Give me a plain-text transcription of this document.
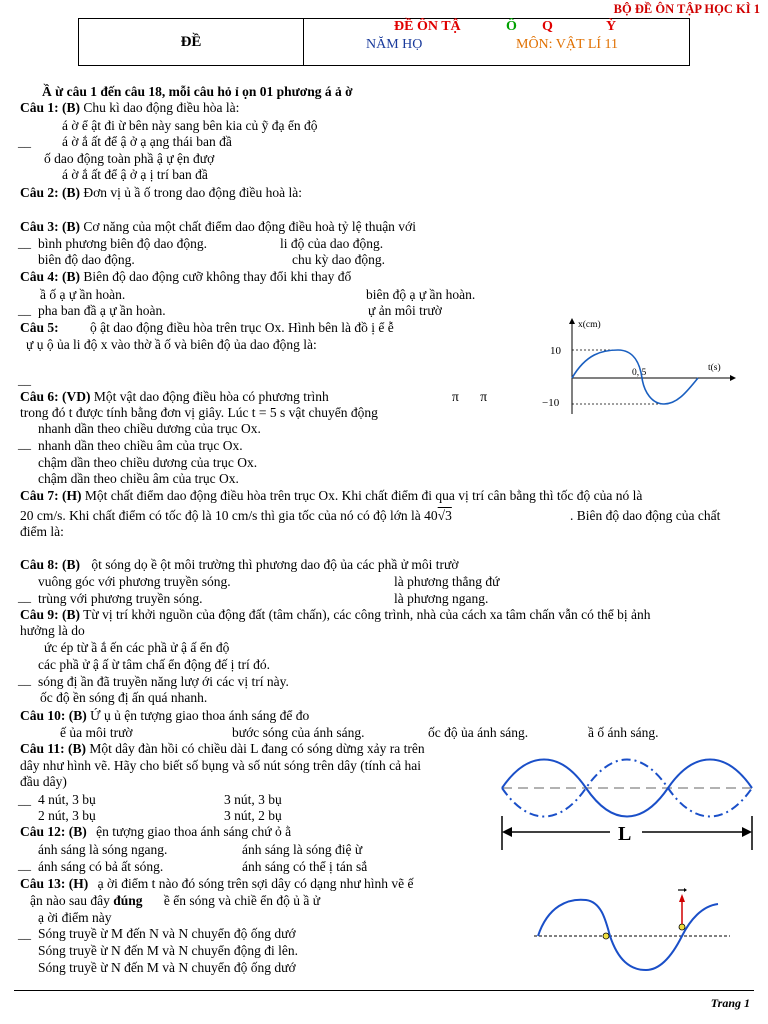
BỘ ĐỀ ÔN TẬP HỌC KÌ 1
ĐỀ
ĐỀ ÔN TẬ	Ô Q	Ỳ
NĂM HỌ	MÔN: VẬT LÍ 11
Ầ ừ câu 1 đến câu 18, mỗi câu hỏ ỉ ọn 01 phương á ả ờ
Câu 1: (B) Chu kì dao động điều hòa là:
á ờ ể ật đi ừ bên này sang bên kia củ ỹ đạ ển độ
__ á ờ ắ ất để ậ ở ạ ạng thái ban đầ
ố dao động toàn phầ ậ ự ện đượ
á ờ ắ ất để ậ ở ạ ị trí ban đầ
Câu 2: (B) Đơn vị ủ ầ ố trong dao động điều hoà là:
Câu 3: (B) Cơ năng của một chất điểm dao động điều hoà tỷ lệ thuận với
__ bình phương biên độ dao động.	li độ của dao động.
biên độ dao động.	chu kỳ dao động.
Câu 4: (B) Biên độ dao động cưỡ không thay đổi khi thay đổ
ầ ố ạ ự ần hoàn.	biên độ ạ ự ần hoàn.
__ pha ban đầ ạ ự ần hoàn.	ự ản môi trườ
Câu 5: ộ ật dao động điều hòa trên trục Ox. Hình bên là đồ ị ể ễ
ự ụ ộ ủa li độ x vào thờ ầ ố và biên độ ủa dao động là:
__
x(cm)
t(s)
10
−10
0, 5
Câu 6: (VD) Một vật dao động điều hòa có phương trình	π π
trong đó t được tính bằng đơn vị giây. Lúc t = 5 s vật chuyển động
nhanh dần theo chiều dương của trục Ox.
__ nhanh dần theo chiều âm của trục Ox.
chậm dần theo chiều dương của trục Ox.
chậm dần theo chiều âm của trục Ox.
Câu 7: (H) Một chất điểm dao động điều hòa trên trục Ox. Khi chất điểm đi qua vị trí cân bằng thì tốc độ của nó là
20 cm/s. Khi chất điểm có tốc độ là 10 cm/s thì gia tốc của nó có độ lớn là 40√3	. Biên độ dao động của chất
điểm là:
Câu 8: (B) ột sóng dọ ề ột môi trường thì phương dao độ ủa các phầ ử môi trườ
vuông góc với phương truyền sóng.	là phương thẳng đứ
__ trùng với phương truyền sóng.	là phương ngang.
Câu 9: (B) Từ vị trí khởi nguồn của động đất (tâm chấn), các công trình, nhà của cách xa tâm chấn vẫn có thể bị ảnh
hưởng là do
ức ép từ ầ ắ ến các phầ ử ậ ấ ển độ
các phầ ử ậ ấ ừ tâm chấ ển động đế ị trí đó.
__ sóng đị ần đã truyền năng lượ ới các vị trí này.
ốc độ ền sóng đị ấn quá nhanh.
Câu 10: (B) Ứ ụ ủ ện tượng giao thoa ánh sáng để đo
ế ủa môi trườ	bước sóng của ánh sáng.	ốc độ ủa ánh sáng.	ầ ố ánh sáng.
Câu 11: (B) Một dây đàn hồi có chiều dài L đang có sóng dừng xảy ra trên
dây như hình vẽ. Hãy cho biết số bụng và số nút sóng trên dây (tính cả hai
đầu dây)
__ 4 nút, 3 bụ	3 nút, 3 bụ
2 nút, 3 bụ	3 nút, 2 bụ
L
Câu 12: (B) ện tượng giao thoa ánh sáng chứ ỏ ằ
ánh sáng là sóng ngang.	ánh sáng là sóng điệ ừ
__ ánh sáng có bả ất sóng.	ánh sáng có thể ị tán sắ
Câu 13: (H) ạ ời điểm t nào đó sóng trên sợi dây có dạng như hình vẽ ế
ận nào sau đây đúng ề ển sóng và chiề ển độ ủ ầ ử
ạ ời điểm này
__ Sóng truyề ừ M đến N và N chuyển độ ống dướ
Sóng truyề ừ N đến M và N chuyển động đi lên.
Sóng truyề ừ N đến M và N chuyển độ ống dướ
Trang 1
